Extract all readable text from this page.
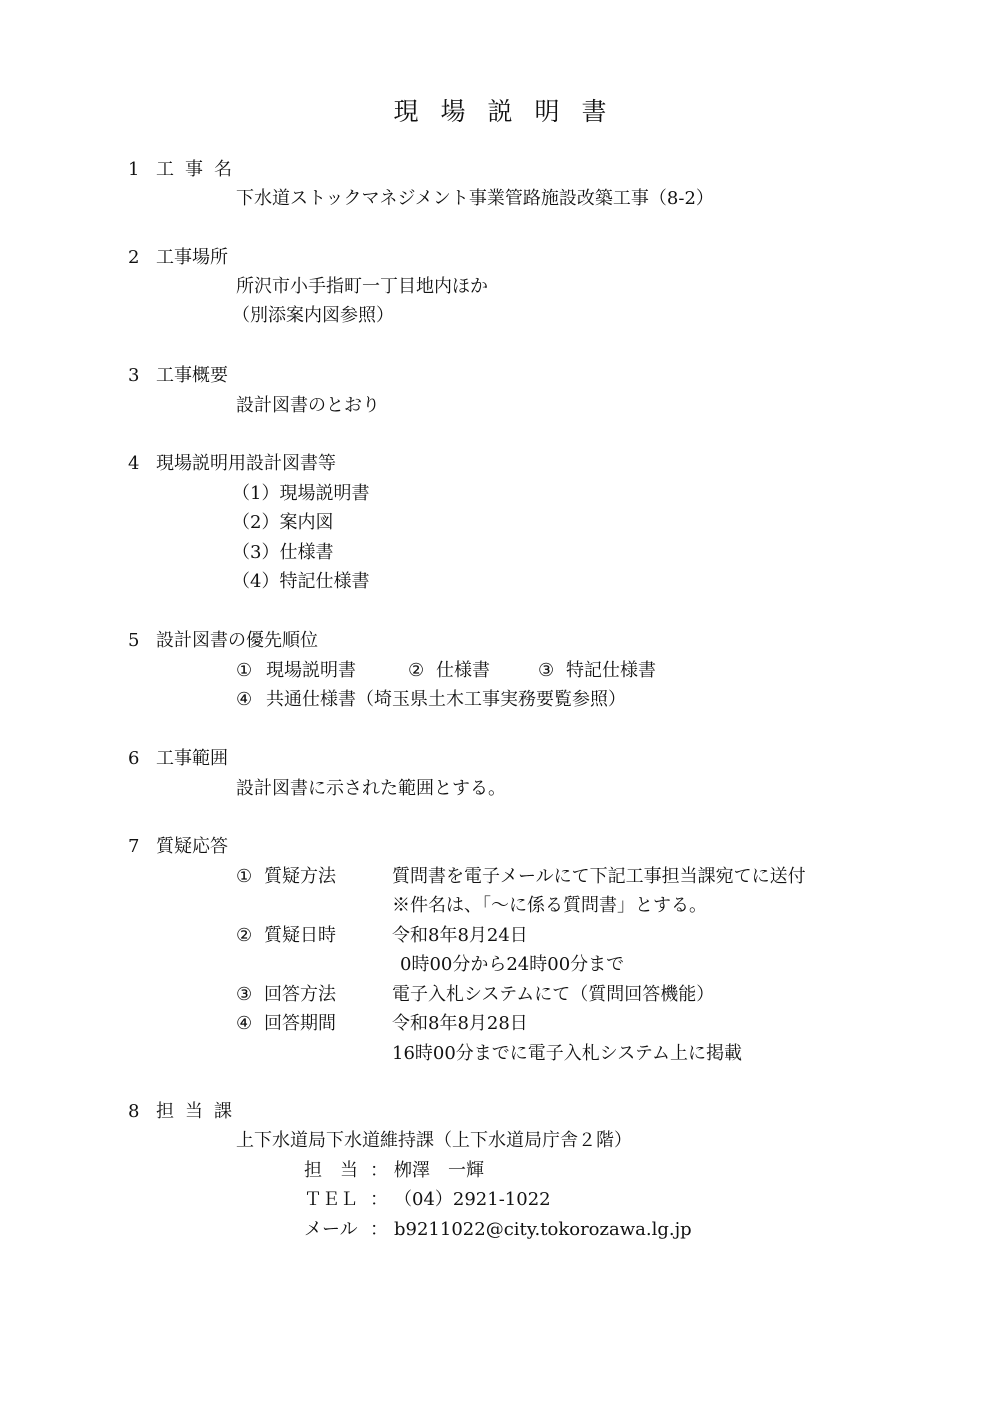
現場説明書
1 工事名
下水道ストックマネジメント事業管路施設改築工事（8-2）
2 工事場所
所沢市小手指町一丁目地内ほか
（別添案内図参照）
3 工事概要
設計図書のとおり
4 現場説明用設計図書等
（1）現場説明書
（2）案内図
（3）仕様書
（4）特記仕様書
5 設計図書の優先順位
① 現場説明書	② 仕様書	③ 特記仕様書
④ 共通仕様書（埼玉県土木工事実務要覧参照）
6 工事範囲
設計図書に示された範囲とする。
7 質疑応答
① 質疑方法	質問書を電子メールにて下記工事担当課宛てに送付
※件名は、「～に係る質問書」とする。
② 質疑日時	令和8年8月24日
0時00分から24時00分まで
③ 回答方法	電子入札システムにて（質問回答機能）
④ 回答期間	令和8年8月28日
16時00分までに電子入札システム上に掲載
8 担当課
上下水道局下水道維持課（上下水道局庁舎２階）
担　当 ： 栁澤　一輝
ＴＥＬ ： （04）2921-1022
メール ： b9211022@city.tokorozawa.lg.jp
